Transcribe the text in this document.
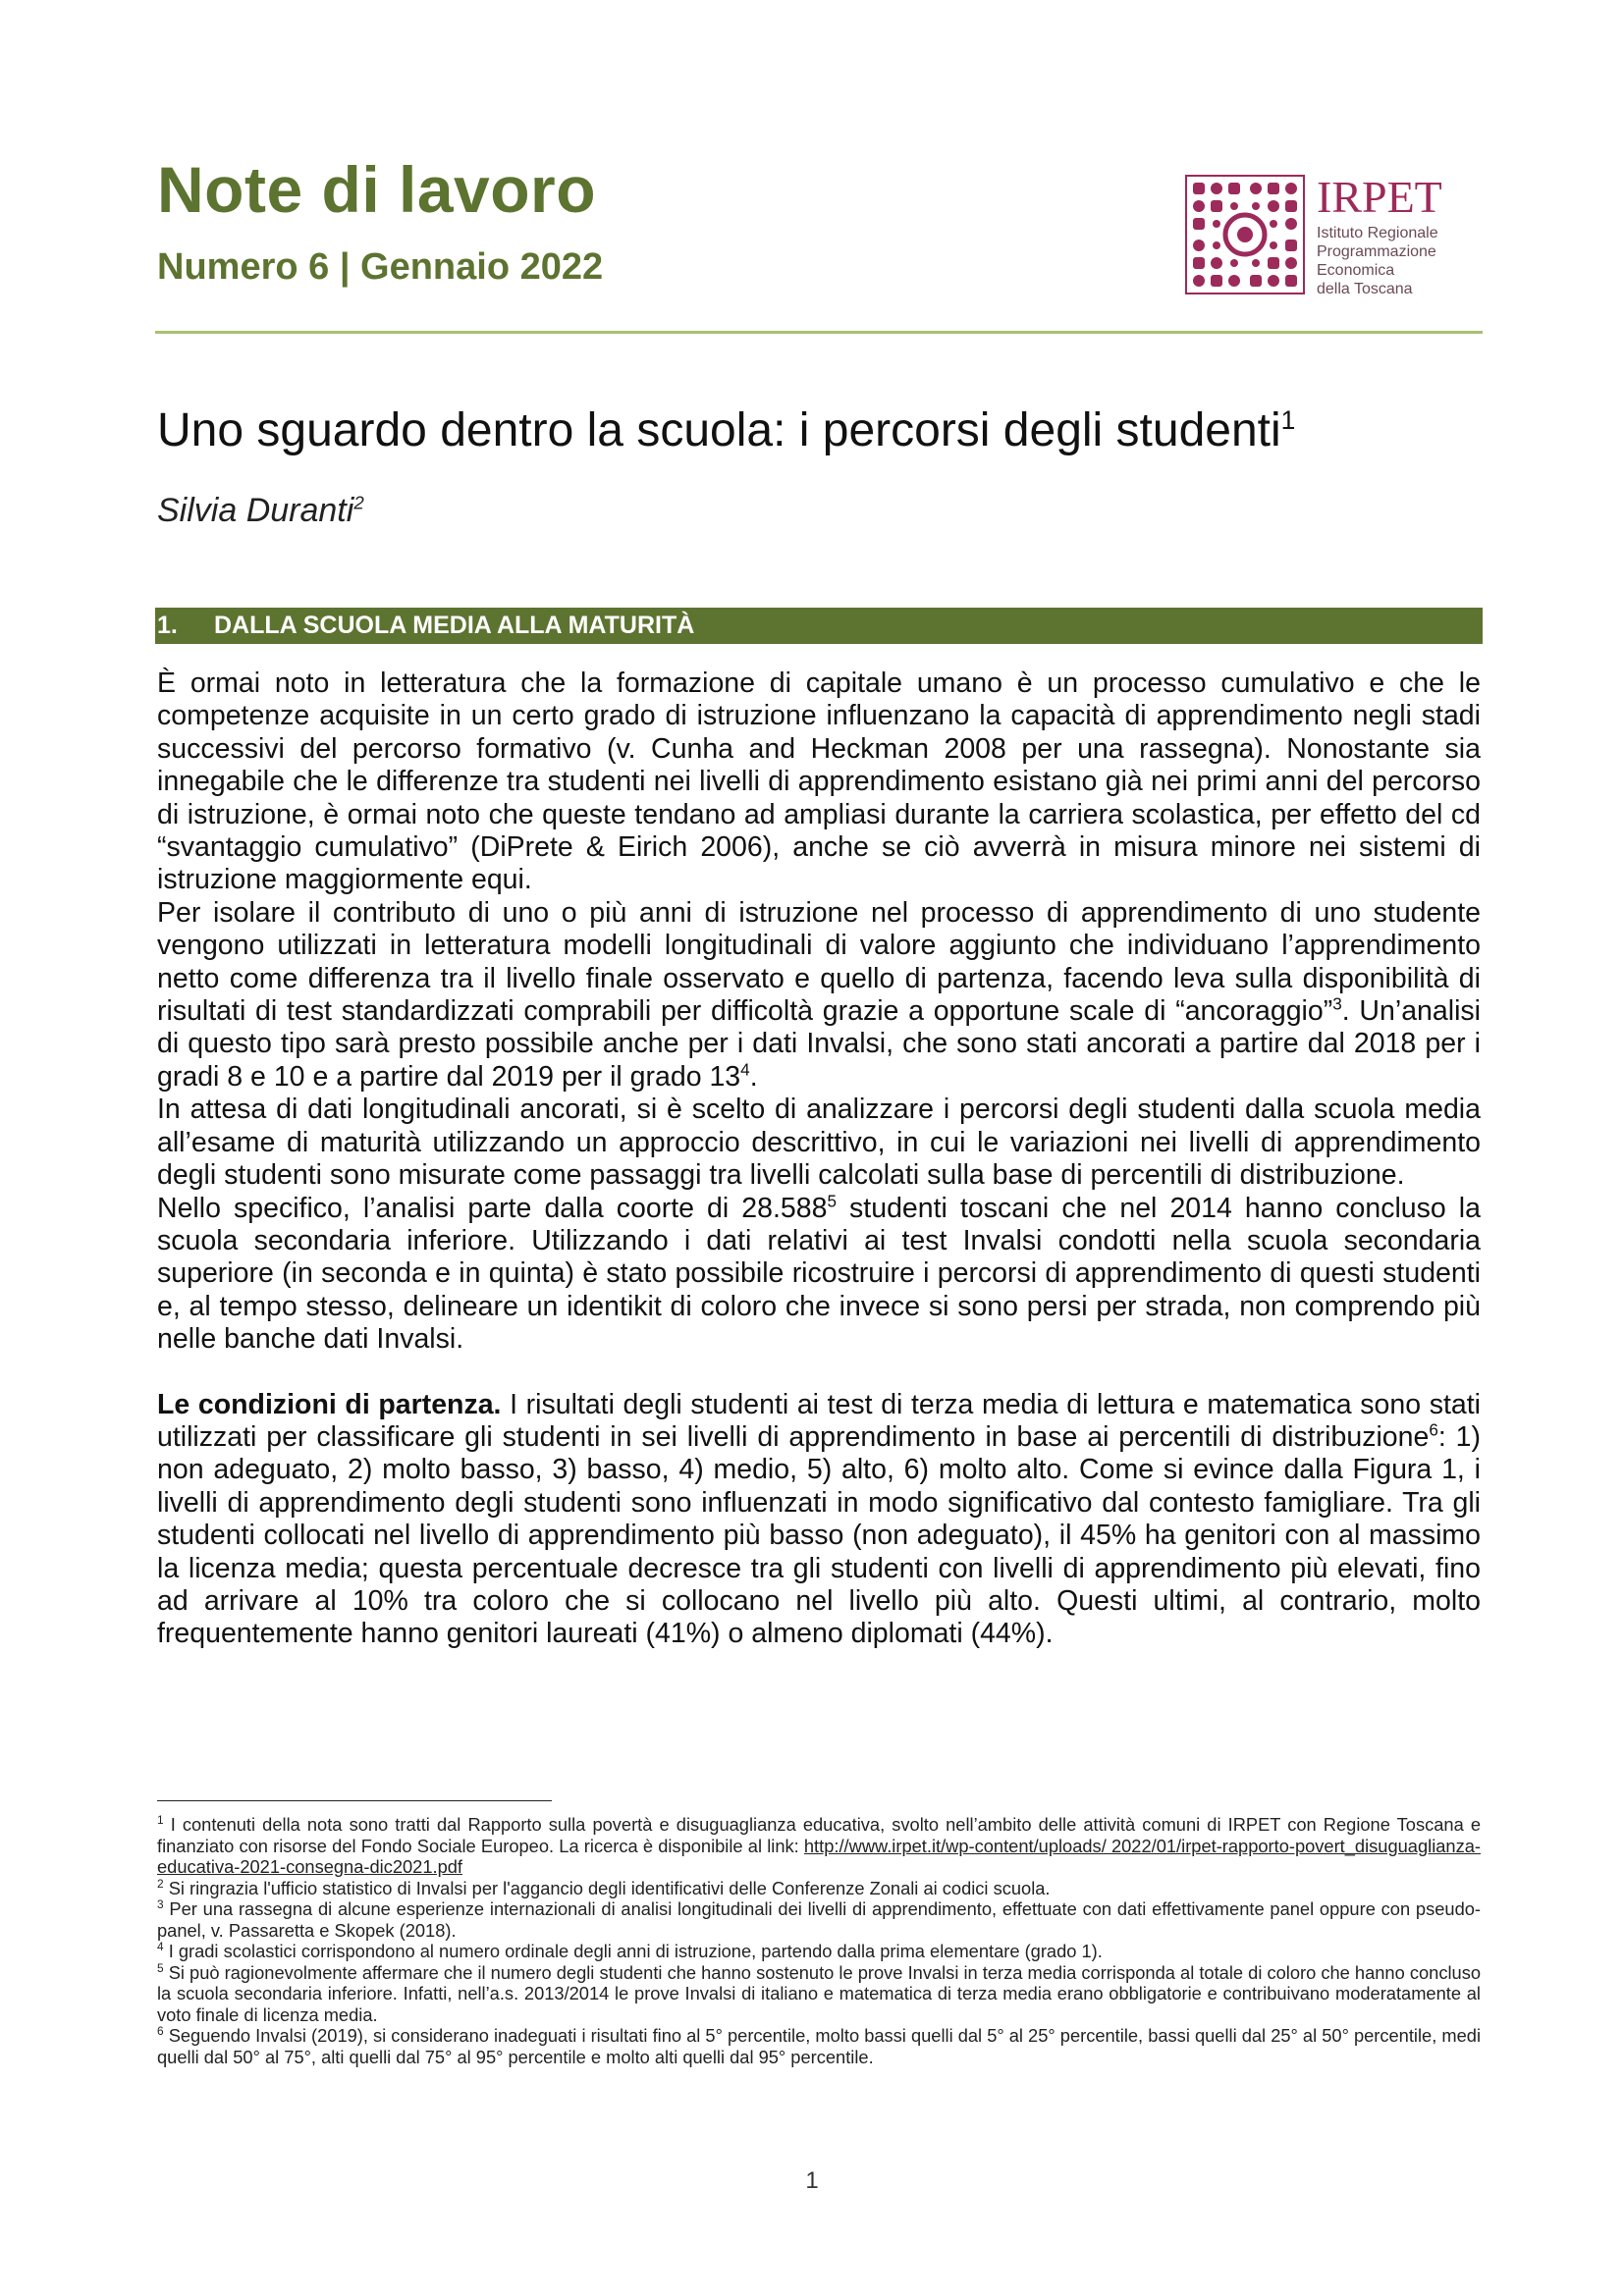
Note di lavoro
Numero 6 | Gennaio 2022
IRPET
Istituto Regionale
Programmazione
Economica
della Toscana
Uno sguardo dentro la scuola: i percorsi degli studenti$^1$
Silvia Duranti$^2$
1. DALLA SCUOLA MEDIA ALLA MATURITÀ

È ormai noto in letteratura che la formazione di capitale umano è un processo cumulativo e che le competenze acquisite in un certo grado di istruzione influenzano la capacità di apprendimento negli stadi successivi del percorso formativo (v. Cunha and Heckman 2008 per una rassegna). Nonostante sia innegabile che le differenze tra studenti nei livelli di apprendimento esistano già nei primi anni del percorso di istruzione, è ormai noto che queste tendano ad ampliasi durante la carriera scolastica, per effetto del cd “svantaggio cumulativo” (DiPrete & Eirich 2006), anche se ciò avverrà in misura minore nei sistemi di istruzione maggiormente equi.

Per isolare il contributo di uno o più anni di istruzione nel processo di apprendimento di uno studente vengono utilizzati in letteratura modelli longitudinali di valore aggiunto che individuano l’apprendimento netto come differenza tra il livello finale osservato e quello di partenza, facendo leva sulla disponibilità di risultati di test standardizzati comprabili per difficoltà grazie a opportune scale di “ancoraggio”$^3$. Un’analisi di questo tipo sarà presto possibile anche per i dati Invalsi, che sono stati ancorati a partire dal 2018 per i gradi 8 e 10 e a partire dal 2019 per il grado $13^4$.

In attesa di dati longitudinali ancorati, si è scelto di analizzare i percorsi degli studenti dalla scuola media all’esame di maturità utilizzando un approccio descrittivo, in cui le variazioni nei livelli di apprendimento degli studenti sono misurate come passaggi tra livelli calcolati sulla base di percentili di distribuzione.

Nello specifico, l’analisi parte dalla coorte di 28.588$^5$ studenti toscani che nel 2014 hanno concluso la scuola secondaria inferiore. Utilizzando i dati relativi ai test Invalsi condotti nella scuola secondaria superiore (in seconda e in quinta) è stato possibile ricostruire i percorsi di apprendimento di questi studenti e, al tempo stesso, delineare un identikit di coloro che invece si sono persi per strada, non comprendo più nelle banche dati Invalsi.

Le condizioni di partenza. I risultati degli studenti ai test di terza media di lettura e matematica sono stati utilizzati per classificare gli studenti in sei livelli di apprendimento in base ai percentili di distribuzione$^6$: 1) non adeguato, 2) molto basso, 3) basso, 4) medio, 5) alto, 6) molto alto. Come si evince dalla Figura 1, i livelli di apprendimento degli studenti sono influenzati in modo significativo dal contesto famigliare. Tra gli studenti collocati nel livello di apprendimento più basso (non adeguato), il 45% ha genitori con al massimo la licenza media; questa percentuale decresce tra gli studenti con livelli di apprendimento più elevati, fino ad arrivare al 10% tra coloro che si collocano nel livello più alto. Questi ultimi, al contrario, molto frequentemente hanno genitori laureati (41%) o almeno diplomati (44%).

$^1$ I contenuti della nota sono tratti dal Rapporto sulla povertà e disuguaglianza educativa, svolto nell’ambito delle attività comuni di IRPET con Regione Toscana e finanziato con risorse del Fondo Sociale Europeo. La ricerca è disponibile al link: http://www.irpet.it/wp-content/uploads/ 2022/01/irpet-rapporto-povert_disuguaglianza-educativa-2021-consegna-dic2021.pdf

$^2$ Si ringrazia l'ufficio statistico di Invalsi per l'aggancio degli identificativi delle Conferenze Zonali ai codici scuola.

$^3$ Per una rassegna di alcune esperienze internazionali di analisi longitudinali dei livelli di apprendimento, effettuate con dati effettivamente panel oppure con pseudo-panel, v. Passaretta e Skopek (2018).

$^4$ I gradi scolastici corrispondono al numero ordinale degli anni di istruzione, partendo dalla prima elementare (grado 1).

$^5$ Si può ragionevolmente affermare che il numero degli studenti che hanno sostenuto le prove Invalsi in terza media corrisponda al totale di coloro che hanno concluso la scuola secondaria inferiore. Infatti, nell’a.s. 2013/2014 le prove Invalsi di italiano e matematica di terza media erano obbligatorie e contribuivano moderatamente al voto finale di licenza media.

$^6$ Seguendo Invalsi (2019), si considerano inadeguati i risultati fino al 5° percentile, molto bassi quelli dal 5° al 25° percentile, bassi quelli dal 25° al 50° percentile, medi quelli dal 50° al 75°, alti quelli dal 75° al 95° percentile e molto alti quelli dal 95° percentile.

1
